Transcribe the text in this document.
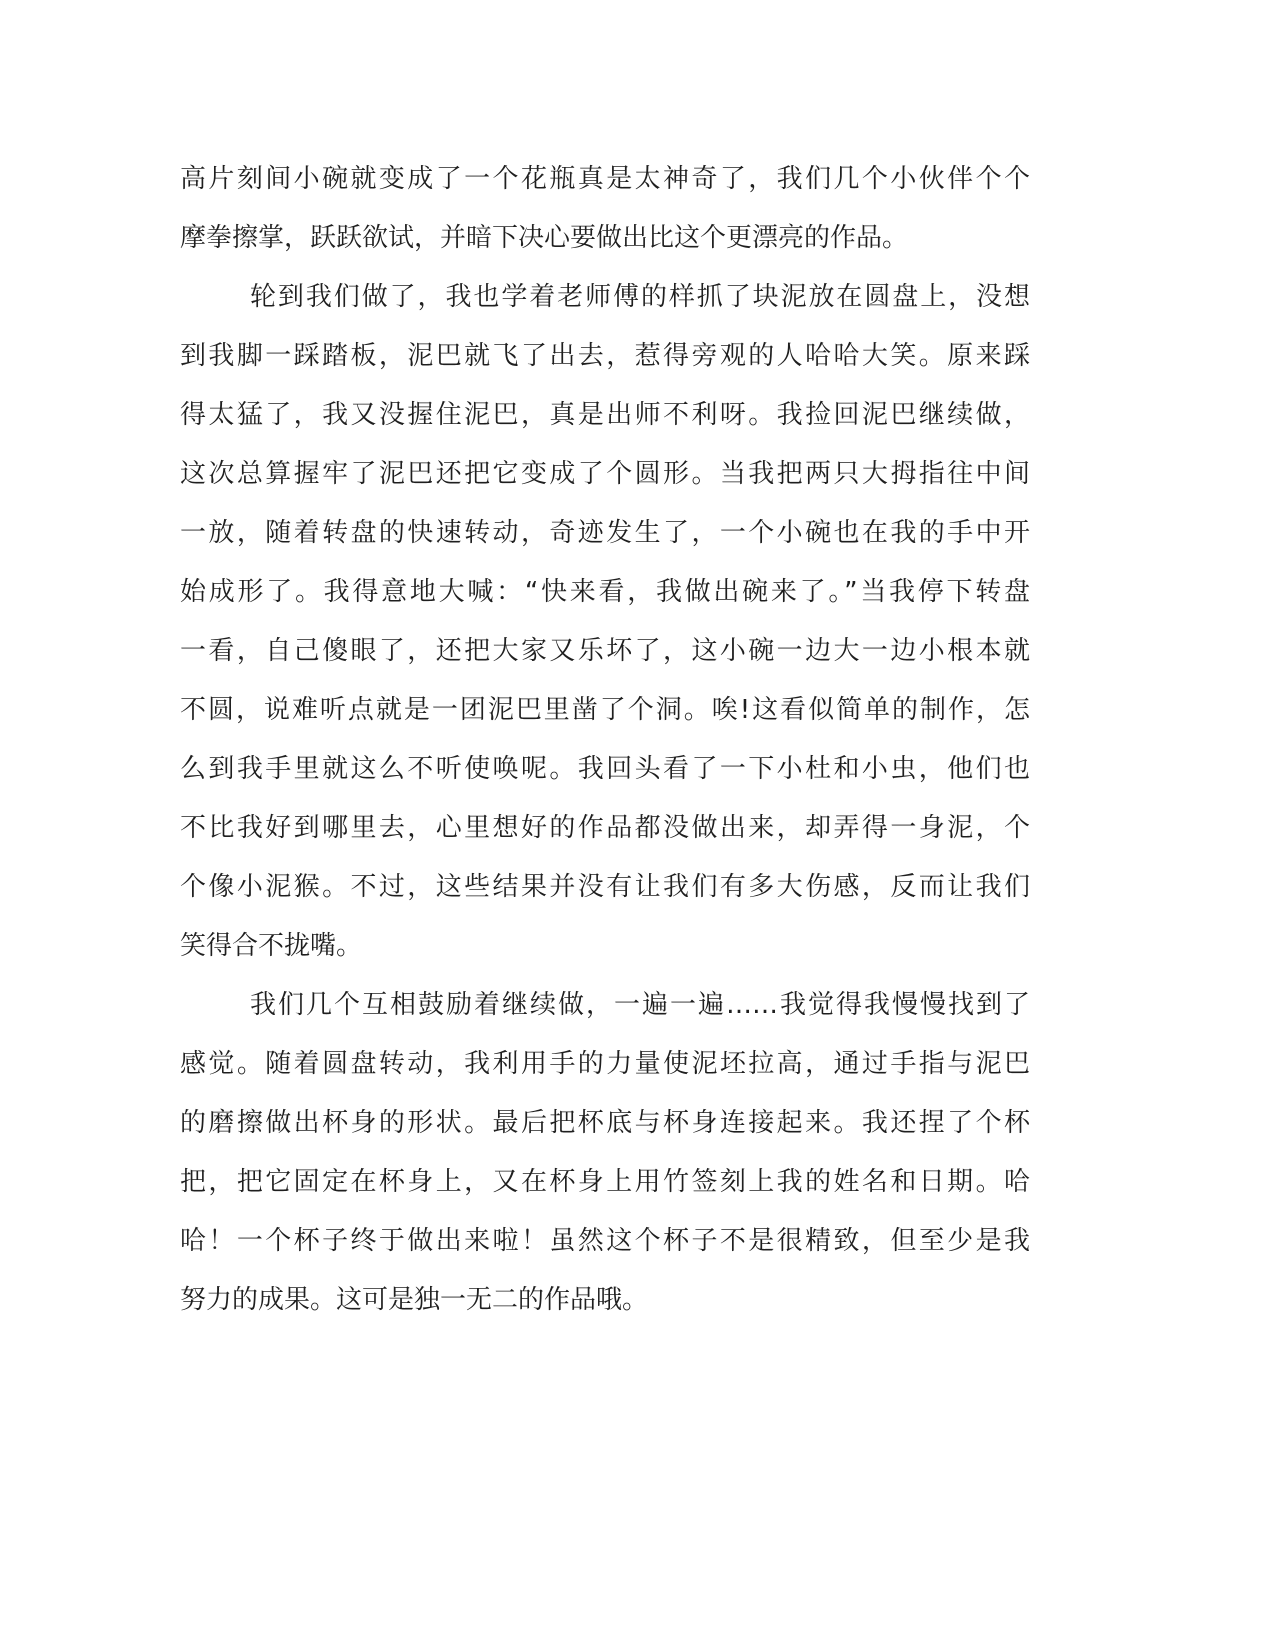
高片刻间小碗就变成了一个花瓶真是太神奇了，我们几个小伙伴个个
摩拳擦掌，跃跃欲试，并暗下决心要做出比这个更漂亮的作品。
轮到我们做了，我也学着老师傅的样抓了块泥放在圆盘上，没想
到我脚一踩踏板，泥巴就飞了出去，惹得旁观的人哈哈大笑。原来踩
得太猛了，我又没握住泥巴，真是出师不利呀。我捡回泥巴继续做，
这次总算握牢了泥巴还把它变成了个圆形。当我把两只大拇指往中间
一放，随着转盘的快速转动，奇迹发生了，一个小碗也在我的手中开
始成形了。我得意地大喊：“快来看，我做出碗来了。”当我停下转盘
一看，自己傻眼了，还把大家又乐坏了，这小碗一边大一边小根本就
不圆，说难听点就是一团泥巴里凿了个洞。唉!这看似简单的制作，怎
么到我手里就这么不听使唤呢。我回头看了一下小杜和小虫，他们也
不比我好到哪里去，心里想好的作品都没做出来，却弄得一身泥，个
个像小泥猴。不过，这些结果并没有让我们有多大伤感，反而让我们
笑得合不拢嘴。
我们几个互相鼓励着继续做，一遍一遍……我觉得我慢慢找到了
感觉。随着圆盘转动，我利用手的力量使泥坯拉高，通过手指与泥巴
的磨擦做出杯身的形状。最后把杯底与杯身连接起来。我还捏了个杯
把，把它固定在杯身上，又在杯身上用竹签刻上我的姓名和日期。哈
哈！一个杯子终于做出来啦！虽然这个杯子不是很精致，但至少是我
努力的成果。这可是独一无二的作品哦。
